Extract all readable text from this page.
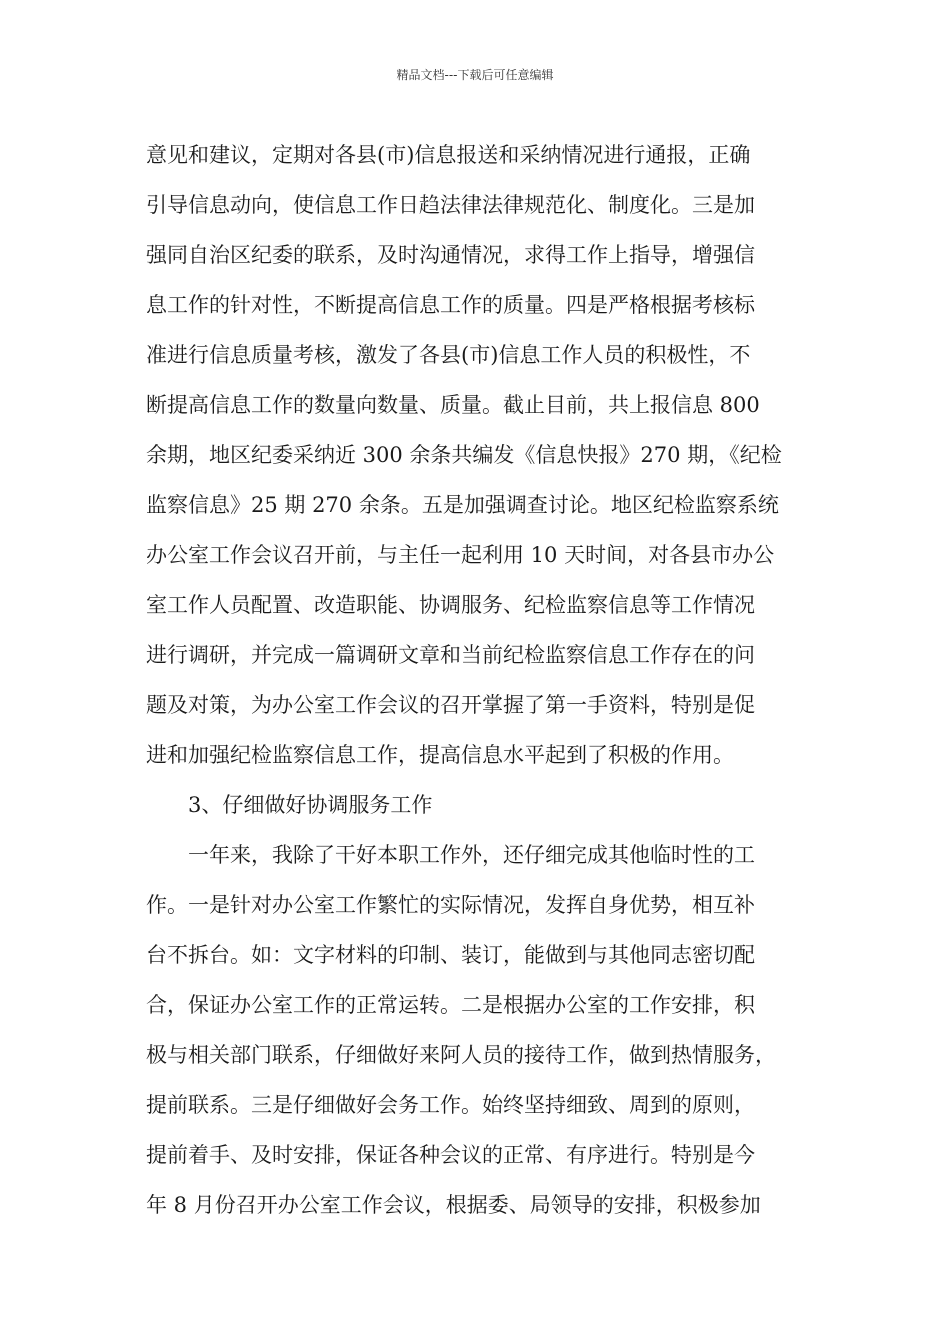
精品文档---下载后可任意编辑
意见和建议，定期对各县(市)信息报送和采纳情况进行通报，正确
引导信息动向，使信息工作日趋法律法律规范化、制度化。三是加
强同自治区纪委的联系，及时沟通情况，求得工作上指导，增强信
息工作的针对性，不断提高信息工作的质量。四是严格根据考核标
准进行信息质量考核，激发了各县(市)信息工作人员的积极性，不
断提高信息工作的数量向数量、质量。截止目前，共上报信息 800
余期，地区纪委采纳近 300 余条共编发《信息快报》270 期，《纪检
监察信息》25 期 270 余条。五是加强调查讨论。地区纪检监察系统
办公室工作会议召开前，与主任一起利用 10 天时间，对各县市办公
室工作人员配置、改造职能、协调服务、纪检监察信息等工作情况
进行调研，并完成一篇调研文章和当前纪检监察信息工作存在的问
题及对策，为办公室工作会议的召开掌握了第一手资料，特别是促
进和加强纪检监察信息工作，提高信息水平起到了积极的作用。
3、仔细做好协调服务工作
一年来，我除了干好本职工作外，还仔细完成其他临时性的工
作。一是针对办公室工作繁忙的实际情况，发挥自身优势，相互补
台不拆台。如：文字材料的印制、装订，能做到与其他同志密切配
合，保证办公室工作的正常运转。二是根据办公室的工作安排，积
极与相关部门联系，仔细做好来阿人员的接待工作，做到热情服务，
提前联系。三是仔细做好会务工作。始终坚持细致、周到的原则，
提前着手、及时安排，保证各种会议的正常、有序进行。特别是今
年 8 月份召开办公室工作会议，根据委、局领导的安排，积极参加
